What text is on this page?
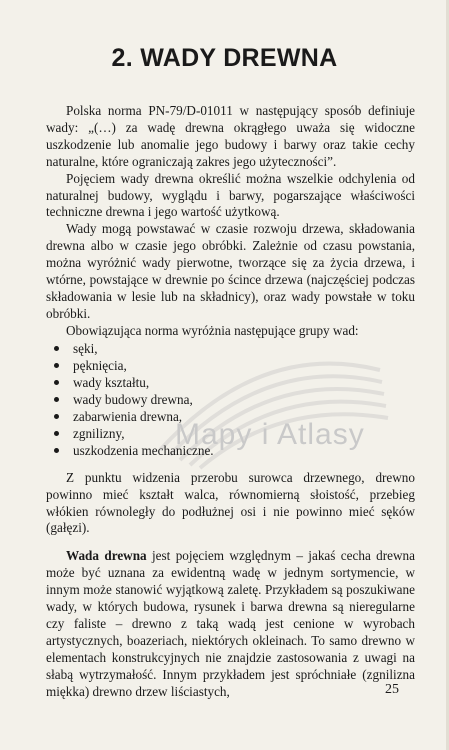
Mapy i Atlasy
2. WADY DREWNA

Polska norma PN-79/D-01011 w następujący sposób definiuje wady: „(…) za wadę drewna okrągłego uważa się widoczne uszkodzenie lub anomalie jego budowy i barwy oraz takie cechy naturalne, które ograniczają zakres jego użyteczności”.

Pojęciem wady drewna określić można wszelkie odchylenia od naturalnej budowy, wyglądu i barwy, pogarszające właściwości techniczne drewna i jego wartość użytkową.

Wady mogą powstawać w czasie rozwoju drzewa, składowania drewna albo w czasie jego obróbki. Zależnie od czasu powstania, można wyróżnić wady pierwotne, tworzące się za życia drzewa, i wtórne, powstające w drewnie po ścince drzewa (najczęściej podczas składowania w lesie lub na składnicy), oraz wady powstałe w toku obróbki.

Obowiązująca norma wyróżnia następujące grupy wad:

sęki,
pęknięcia,
wady kształtu,
wady budowy drewna,
zabarwienia drewna,
zgnilizny,
uszkodzenia mechaniczne.

Z punktu widzenia przerobu surowca drzewnego, drewno powinno mieć kształt walca, równomierną słoistość, przebieg włókien równoległy do podłużnej osi i nie powinno mieć sęków (gałęzi).

Wada drewna jest pojęciem względnym – jakaś cecha drewna może być uznana za ewidentną wadę w jednym sortymencie, w innym może stanowić wyjątkową zaletę. Przykładem są poszukiwane wady, w których budowa, rysunek i barwa drewna są nieregularne czy faliste – drewno z taką wadą jest cenione w wyrobach artystycznych, boazeriach, niektórych okleinach. To samo drewno w elementach konstrukcyjnych nie znajdzie zastosowania z uwagi na słabą wytrzymałość. Innym przykładem jest spróchniałe (zgnilizna miękka) drewno drzew liściastych,	25
